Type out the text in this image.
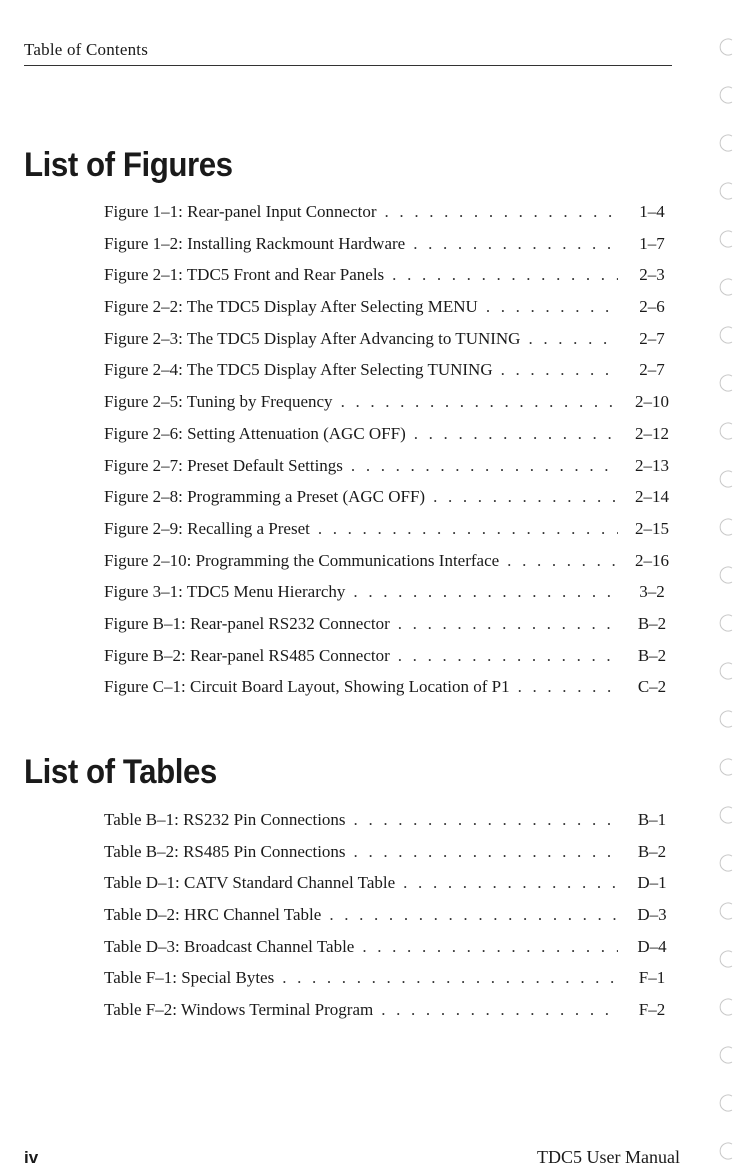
Table of Contents
List of Figures
Figure 1–1: Rear-panel Input Connector . . .	1–4
Figure 1–2: Installing Rackmount Hardware . . .	1–7
Figure 2–1: TDC5 Front and Rear Panels . . .	2–3
Figure 2–2: The TDC5 Display After Selecting MENU . . .	2–6
Figure 2–3: The TDC5 Display After Advancing to TUNING . . .	2–7
Figure 2–4: The TDC5 Display After Selecting TUNING . . .	2–7
Figure 2–5: Tuning by Frequency . . .	2–10
Figure 2–6: Setting Attenuation (AGC OFF) . . .	2–12
Figure 2–7: Preset Default Settings . . .	2–13
Figure 2–8: Programming a Preset (AGC OFF) . . .	2–14
Figure 2–9: Recalling a Preset . . .	2–15
Figure 2–10: Programming the Communications Interface . . .	2–16
Figure 3–1: TDC5 Menu Hierarchy . . .	3–2
Figure B–1: Rear-panel RS232 Connector . . .	B–2
Figure B–2: Rear-panel RS485 Connector . . .	B–2
Figure C–1: Circuit Board Layout, Showing Location of P1 . . .	C–2
List of Tables
Table B–1: RS232 Pin Connections . . .	B–1
Table B–2: RS485 Pin Connections . . .	B–2
Table D–1: CATV Standard Channel Table . . .	D–1
Table D–2: HRC Channel Table . . .	D–3
Table D–3: Broadcast Channel Table . . .	D–4
Table F–1: Special Bytes . . .	F–1
Table F–2: Windows Terminal Program . . .	F–2
iv	TDC5 User Manual
